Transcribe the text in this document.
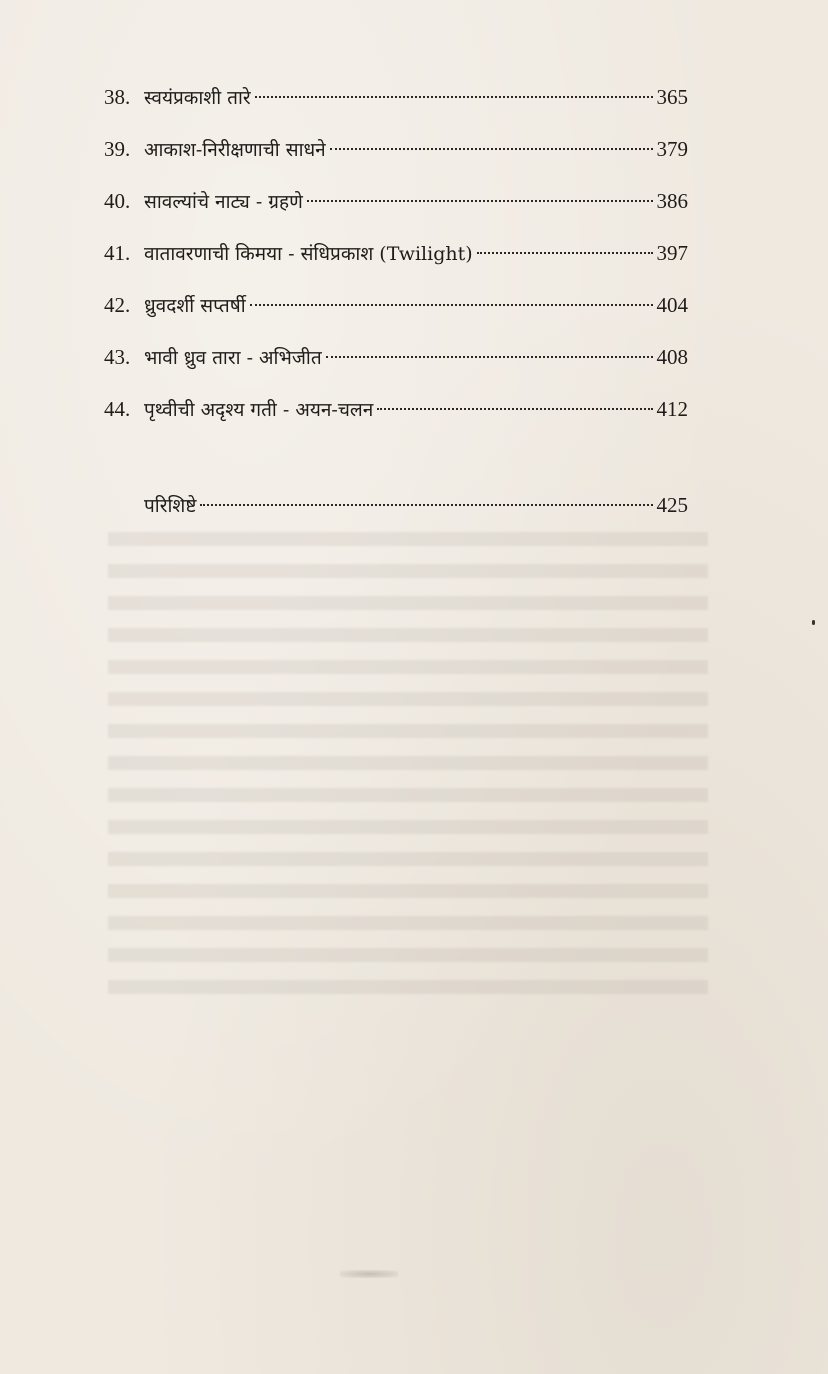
38. स्वयंप्रकाशी तारे	365
39. आकाश-निरीक्षणाची साधने	379
40. सावल्यांचे नाट्य - ग्रहणे	386
41. वातावरणाची किमया - संधिप्रकाश (Twilight)	397
42. ध्रुवदर्शी सप्तर्षी	404
43. भावी ध्रुव तारा - अभिजीत	408
44. पृथ्वीची अदृश्य गती - अयन-चलन	412
परिशिष्टे	425
